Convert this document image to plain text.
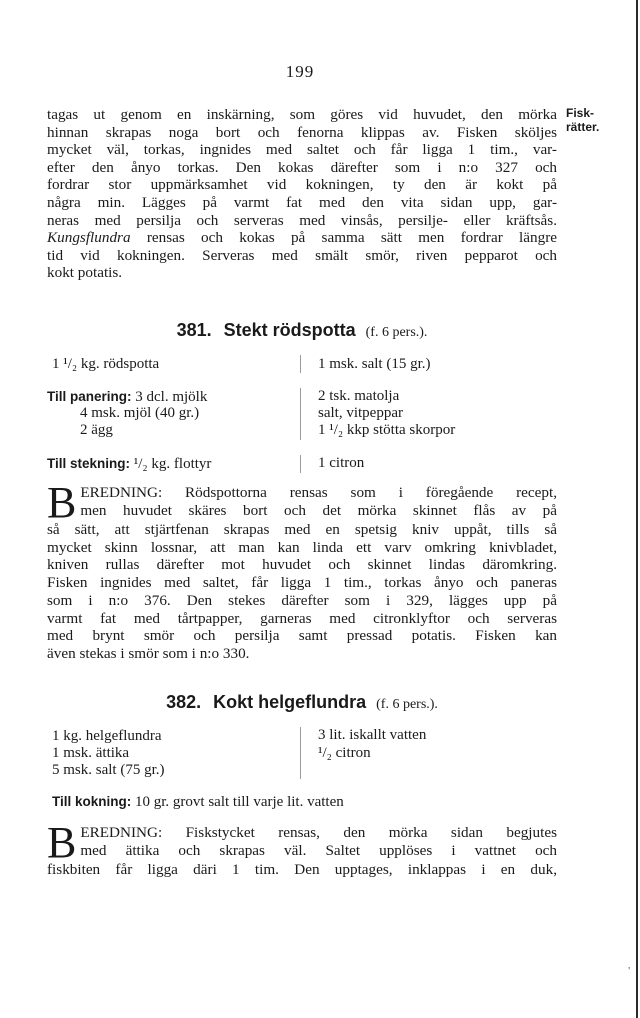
199
Fisk-
rätter.
tagas ut genom en inskärning, som göres vid huvudet, den mörka
hinnan skrapas noga bort och fenorna klippas av. Fisken sköljes
mycket väl, torkas, ingnides med saltet och får ligga 1 tim., var-
efter den ånyo torkas. Den kokas därefter som i n:o 327 och
fordrar stor uppmärksamhet vid kokningen, ty den är kokt på
några min. Lägges på varmt fat med den vita sidan upp, gar-
neras med persilja och serveras med vinsås, persilje- eller kräftsås.
Kungsflundra rensas och kokas på samma sätt men fordrar längre
tid vid kokningen. Serveras med smält smör, riven pepparot och
kokt potatis.
381. Stekt rödspotta (f. 6 pers.).
1 ¹/₂ kg. rödspotta
Till panering: 3 dcl. mjölk
4 msk. mjöl (40 gr.)
2 ägg
Till stekning: ¹/₂ kg. flottyr
1 msk. salt (15 gr.)
2 tsk. matolja
salt, vitpeppar
1 ¹/₂ kkp stötta skorpor
1 citron
B EREDNING: Rödspottorna rensas som i föregående recept,
men huvudet skäres bort och det mörka skinnet flås av på
så sätt, att stjärtfenan skrapas med en spetsig kniv uppåt, tills så
mycket skinn lossnar, att man kan linda ett varv omkring knivbladet,
kniven rullas därefter mot huvudet och skinnet lindas däromkring.
Fisken ingnides med saltet, får ligga 1 tim., torkas ånyo och paneras
som i n:o 376. Den stekes därefter som i 329, lägges upp på
varmt fat med tårtpapper, garneras med citronklyftor och serveras
med brynt smör och persilja samt pressad potatis. Fisken kan
även stekas i smör som i n:o 330.
382. Kokt helgeflundra (f. 6 pers.).
1 kg. helgeflundra
1 msk. ättika
5 msk. salt (75 gr.)
3 lit. iskallt vatten
¹/₂ citron
Till kokning: 10 gr. grovt salt till varje lit. vatten
B EREDNING: Fiskstycket rensas, den mörka sidan begjutes
med ättika och skrapas väl. Saltet upplöses i vattnet och
fiskbiten får ligga däri 1 tim. Den upptages, inklappas i en duk,
'
